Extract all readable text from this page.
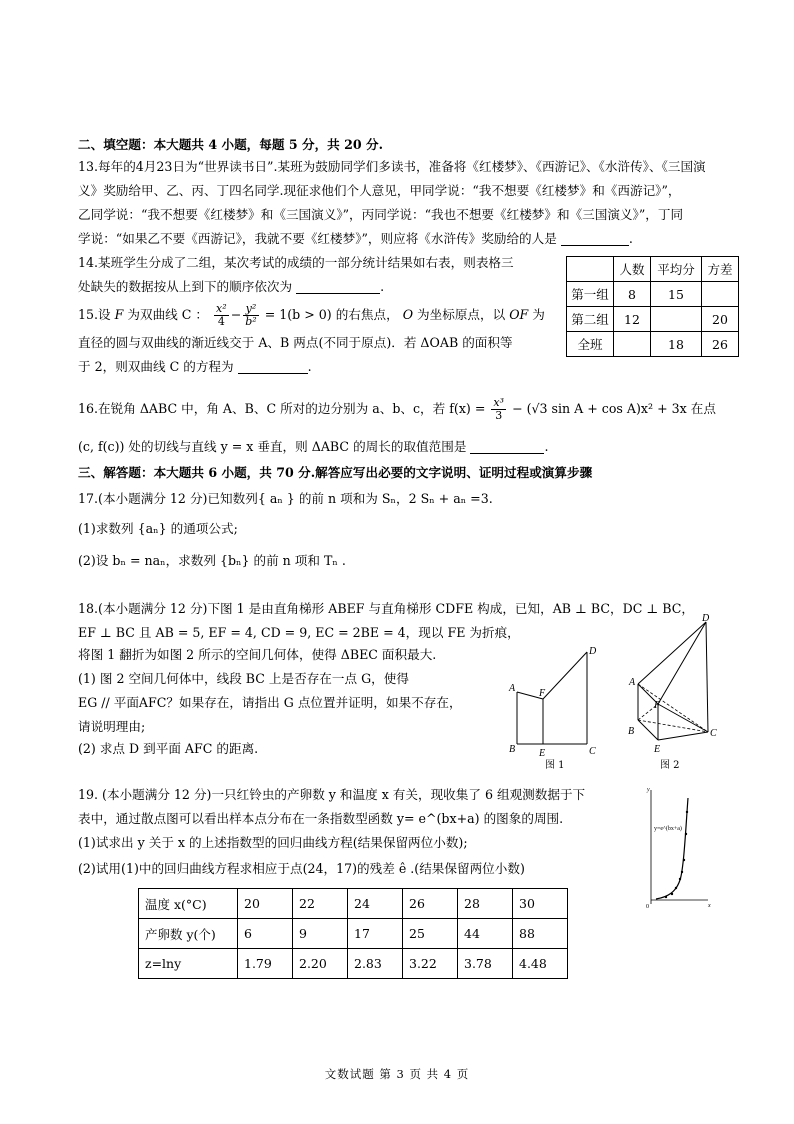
二、填空题：本大题共 4 小题，每题 5 分，共 20 分.
13.每年的4月23日为“世界读书日”.某班为鼓励同学们多读书，准备将《红楼梦》、《西游记》、《水浒传》、《三国演
义》奖励给甲、乙、丙、丁四名同学.现征求他们个人意见，甲同学说：“我不想要《红楼梦》和《西游记》”，
乙同学说：“我不想要《红楼梦》和《三国演义》”，丙同学说：“我也不想要《红楼梦》和《三国演义》”，丁同
学说：“如果乙不要《西游记》，我就不要《红楼梦》”，则应将《水浒传》奖励给的人是	.
14.某班学生分成了二组，某次考试的成绩的一部分统计结果如右表，则表格三
处缺失的数据按从上到下的顺序依次为	.
	人数	平均分	方差
第一组	8	15	
第二组	12		20
全班		18	26
15.设 F 为双曲线 C ： $\frac{\text{x²}}{4} - \frac{\text{y²}}{\text{b²}} = 1(b > 0)$ 的右焦点， O 为坐标原点，以 OF 为
直径的圆与双曲线的渐近线交于 A、B 两点(不同于原点)．若 ΔOAB 的面积等
于 2，则双曲线 C 的方程为	.
16.在锐角 ΔABC 中，角 A、B、C 所对的边分别为 a、b、c，若 $f(x) = \frac{\text{x³}}{3} - (√3$ sin A + cos A)x² + 3x 在点
(c, f(c)) 处的切线与直线 y = x 垂直，则 ΔABC 的周长的取值范围是	.
三、解答题：本大题共 6 小题，共 70 分.解答应写出必要的文字说明、证明过程或演算步骤
17.(本小题满分 12 分)已知数列{ aₙ } 的前 n 项和为 Sₙ，2 Sₙ + aₙ =3.
(1)求数列 {aₙ} 的通项公式;
(2)设 bₙ = naₙ，求数列 {bₙ} 的前 n 项和 Tₙ .
18.(本小题满分 12 分)下图 1 是由直角梯形 ABEF 与直角梯形 CDFE 构成，已知，AB ⊥ BC，DC ⊥ BC，
EF ⊥ BC 且 AB = 5, EF = 4, CD = 9, EC = 2BE = 4，现以 FE 为折痕，
将图 1 翻折为如图 2 所示的空间几何体，使得 ΔBEC 面积最大.
(1) 图 2 空间几何体中，线段 BC 上是否存在一点 G，使得
EG // 平面AFC？如果存在，请指出 G 点位置并证明，如果不存在，
请说明理由;
(2) 求点 D 到平面 AFC 的距离.
A
B	C
D
E
F
图 1
A
B	C
D
E
F
图 2
19. (本小题满分 12 分)一只红铃虫的产卵数 y 和温度 x 有关，现收集了 6 组观测数据于下
表中，通过散点图可以看出样本点分布在一条指数型函数 y= e^(bx+a) 的图象的周围.
(1)试求出 y 关于 x 的上述指数型的回归曲线方程(结果保留两位小数);
(2)试用(1)中的回归曲线方程求相应于点(24，17)的残差 ê .(结果保留两位小数)
y
x
0
y=e^(bx+a)
温度 x(°C)	20	22	24	26	28	30
产卵数 y(个)	6	9	17	25	44	88
z=lny	1.79	2.20	2.83	3.22	3.78	4.48
文数试题 第 3 页 共 4 页
